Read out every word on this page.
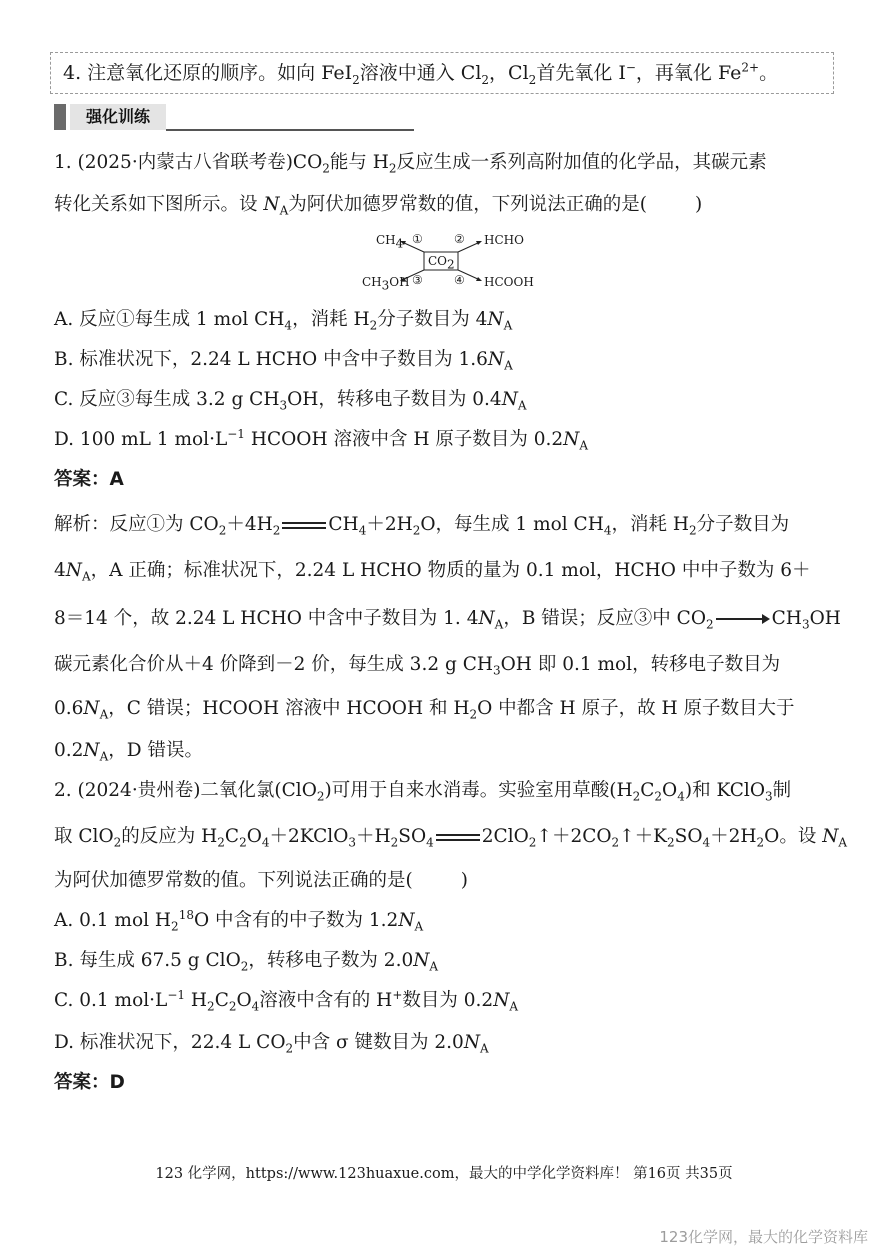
4. 注意氧化还原的顺序。如向 FeI$_2$溶液中通入 $Cl_2$，$Cl_2$首先氧化 I−，再氧化 $Fe^{2+}$。
强化训练
1. (2025·内蒙古八省联考卷)$CO_2$能与 $H_2$反应生成一系列高附加值的化学品，其碳元素
转化关系如下图所示。设 $N_A$为阿伏加德罗常数的值，下列说法正确的是(	)
$CO_2$
$CH_4$ ①	② HCHO
$CH_3OH$ ③	④ HCOOH
A. 反应①每生成 1 mol $CH_4$，消耗 $H_2$分子数目为 $4N_A$
B. 标准状况下，2.24 L HCHO 中含中子数目为 $1.6N_A$
C. 反应③每生成 3.2 g $CH_3OH$，转移电子数目为 $0.4N_A$
D. 100 mL 1 $mol\cdot L^{-1}$ HCOOH 溶液中含 H 原子数目为 $0.2N_A$
答案：A
解析：反应①为 $CO_2+4H_2$	$CH_4+2H_2O$，每生成 1 mol $CH_4$，消耗 $H_2$分子数目为
$4N_A$，A 正确；标准状况下，2.24 L HCHO 物质的量为 0.1 mol，HCHO 中中子数为 6＋
8＝14 个，故 2.24 L HCHO 中含中子数目为 1. $4N_A$，B 错误；反应③中 $CO_2$	$CH_3OH$
碳元素化合价从＋4 价降到－2 价，每生成 3.2 g $CH_3OH$ 即 0.1 mol，转移电子数目为
$0.6N_A$，C 错误；HCOOH 溶液中 HCOOH 和 $H_2O$ 中都含 H 原子，故 H 原子数目大于
$0.2N_A$，D 错误。
2. (2024·贵州卷)二氧化氯(ClO$_2$)可用于自来水消毒。实验室用草酸$(H_2C_2O_4)$和 KClO$_3$制
取 ClO$_2$的反应为 $H_2C_2O_4+2KClO_3+H_2SO_4$	$2ClO_2↑+2CO_2↑+K_2SO_4+2H_2O$。设 $N_A$
为阿伏加德罗常数的值。下列说法正确的是(	)
A. 0.1 mol $H_2^{18}O$ 中含有的中子数为 $1.2N_A$
B. 每生成 67.5 g ClO$_2$，转移电子数为 $2.0N_A$
C. 0.1 $mol\cdot L^{-1}$ $H_2C_2O_4$溶液中含有的 H+数目为 $0.2N_A$
D. 标准状况下，22.4 L $CO_2$中含 σ 键数目为 $2.0N_A$
答案：D
123 化学网，https://www.123huaxue.com，最大的中学化学资料库！ 第16页 共35页
123化学网，最大的化学资料库
